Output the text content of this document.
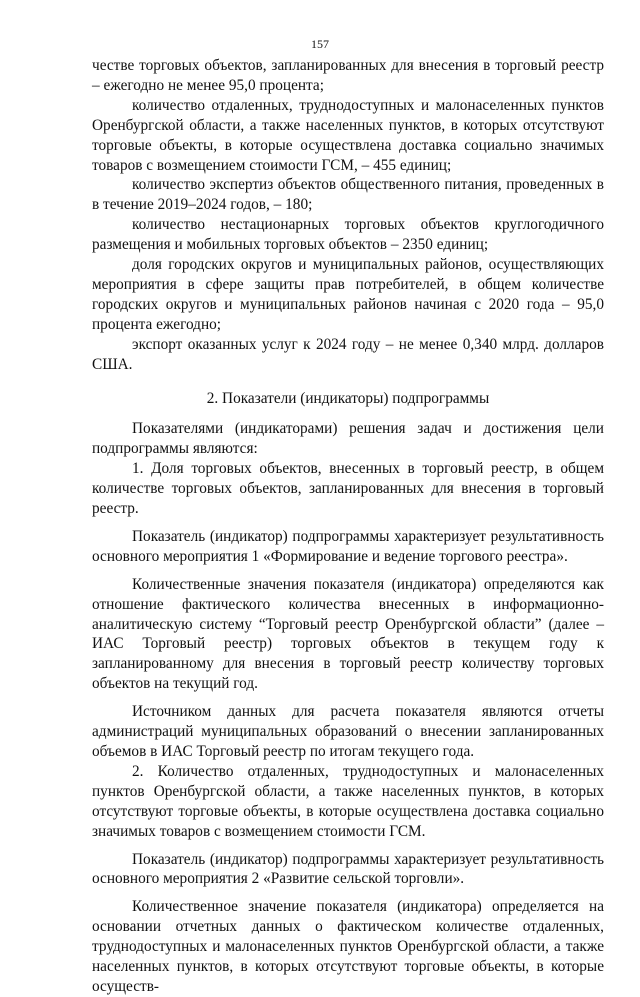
157

честве торговых объектов, запланированных для внесения в торговый реестр – ежегодно не менее 95,0 процента;

количество отдаленных, труднодоступных и малонаселенных пунктов Оренбургской области, а также населенных пунктов, в которых отсутствуют торговые объекты, в которые осуществлена доставка социально значимых товаров с возмещением стоимости ГСМ, – 455 единиц;

количество экспертиз объектов общественного питания, проведенных в в течение 2019–2024 годов, – 180;

количество нестационарных торговых объектов круглогодичного размещения и мобильных торговых объектов – 2350 единиц;

доля городских округов и муниципальных районов, осуществляющих мероприятия в сфере защиты прав потребителей, в общем количестве городских округов и муниципальных районов начиная с 2020 года – 95,0 процента ежегодно;

экспорт оказанных услуг к 2024 году – не менее 0,340 млрд. долларов США.

2. Показатели (индикаторы) подпрограммы

Показателями (индикаторами) решения задач и достижения цели подпрограммы являются:

1. Доля торговых объектов, внесенных в торговый реестр, в общем количестве торговых объектов, запланированных для внесения в торговый реестр.

Показатель (индикатор) подпрограммы характеризует результативность основного мероприятия 1 «Формирование и ведение торгового реестра».

Количественные значения показателя (индикатора) определяются как отношение фактического количества внесенных в информационно-аналитическую систему “Торговый реестр Оренбургской области” (далее – ИАС Торговый реестр) торговых объектов в текущем году к запланированному для внесения в торговый реестр количеству торговых объектов на текущий год.

Источником данных для расчета показателя являются отчеты администраций муниципальных образований о внесении запланированных объемов в ИАС Торговый реестр по итогам текущего года.

2. Количество отдаленных, труднодоступных и малонаселенных пунктов Оренбургской области, а также населенных пунктов, в которых отсутствуют торговые объекты, в которые осуществлена доставка социально значимых товаров с возмещением стоимости ГСМ.

Показатель (индикатор) подпрограммы характеризует результативность основного мероприятия 2 «Развитие сельской торговли».

Количественное значение показателя (индикатора) определяется на основании отчетных данных о фактическом количестве отдаленных, труднодоступных и малонаселенных пунктов Оренбургской области, а также населенных пунктов, в которых отсутствуют торговые объекты, в которые осуществ-
